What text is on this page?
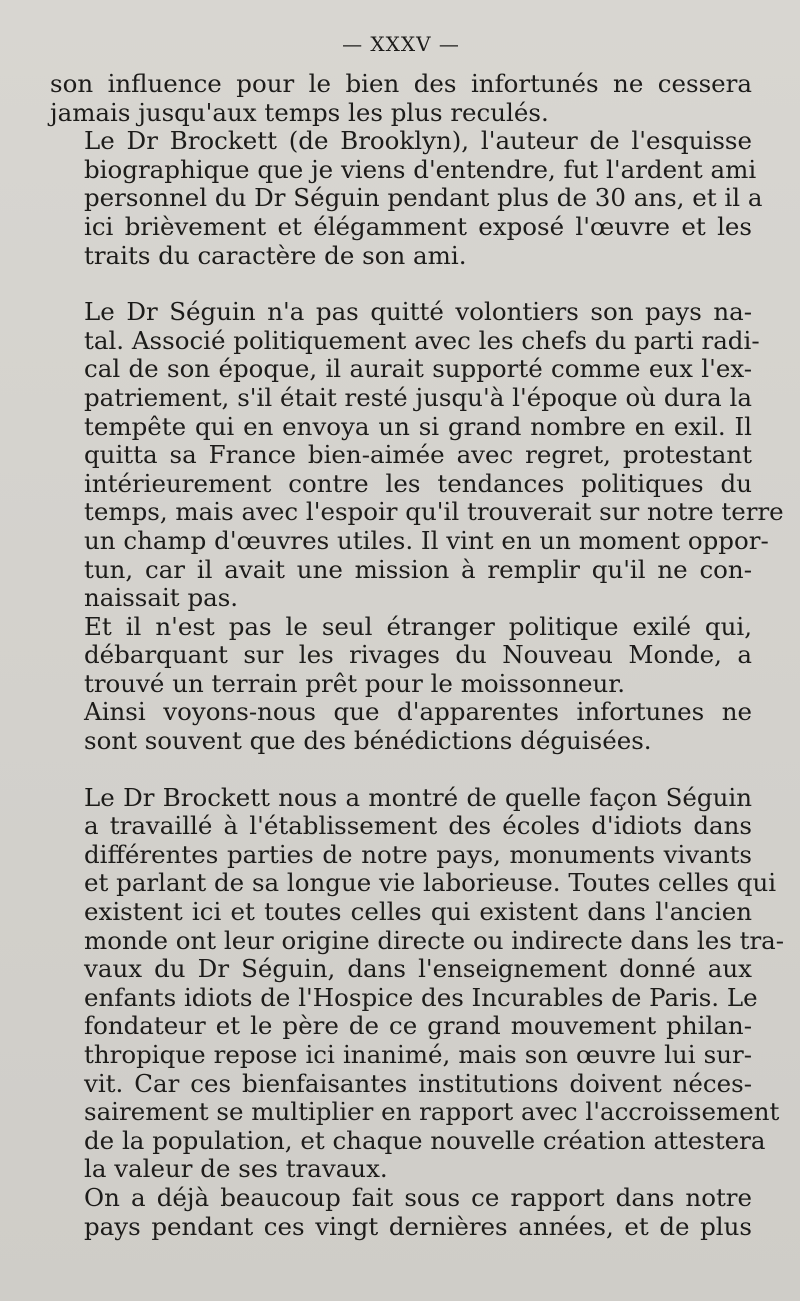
— XXXV —
son influence pour le bien des infortunés ne cessera
jamais jusqu'aux temps les plus reculés.
Le Dr Brockett (de Brooklyn), l'auteur de l'esquisse
biographique que je viens d'entendre, fut l'ardent ami
personnel du Dr Séguin pendant plus de 30 ans, et il a
ici brièvement et élégamment exposé l'œuvre et les
traits du caractère de son ami.
Le Dr Séguin n'a pas quitté volontiers son pays na-
tal. Associé politiquement avec les chefs du parti radi-
cal de son époque, il aurait supporté comme eux l'ex-
patriement, s'il était resté jusqu'à l'époque où dura la
tempête qui en envoya un si grand nombre en exil. Il
quitta sa France bien-aimée avec regret, protestant
intérieurement contre les tendances politiques du
temps, mais avec l'espoir qu'il trouverait sur notre terre
un champ d'œuvres utiles. Il vint en un moment oppor-
tun, car il avait une mission à remplir qu'il ne con-
naissait pas.
Et il n'est pas le seul étranger politique exilé qui,
débarquant sur les rivages du Nouveau Monde, a
trouvé un terrain prêt pour le moissonneur.
Ainsi voyons-nous que d'apparentes infortunes ne
sont souvent que des bénédictions déguisées.
Le Dr Brockett nous a montré de quelle façon Séguin
a travaillé à l'établissement des écoles d'idiots dans
différentes parties de notre pays, monuments vivants
et parlant de sa longue vie laborieuse. Toutes celles qui
existent ici et toutes celles qui existent dans l'ancien
monde ont leur origine directe ou indirecte dans les tra-
vaux du Dr Séguin, dans l'enseignement donné aux
enfants idiots de l'Hospice des Incurables de Paris. Le
fondateur et le père de ce grand mouvement philan-
thropique repose ici inanimé, mais son œuvre lui sur-
vit. Car ces bienfaisantes institutions doivent néces-
sairement se multiplier en rapport avec l'accroissement
de la population, et chaque nouvelle création attestera
la valeur de ses travaux.
On a déjà beaucoup fait sous ce rapport dans notre
pays pendant ces vingt dernières années, et de plus
